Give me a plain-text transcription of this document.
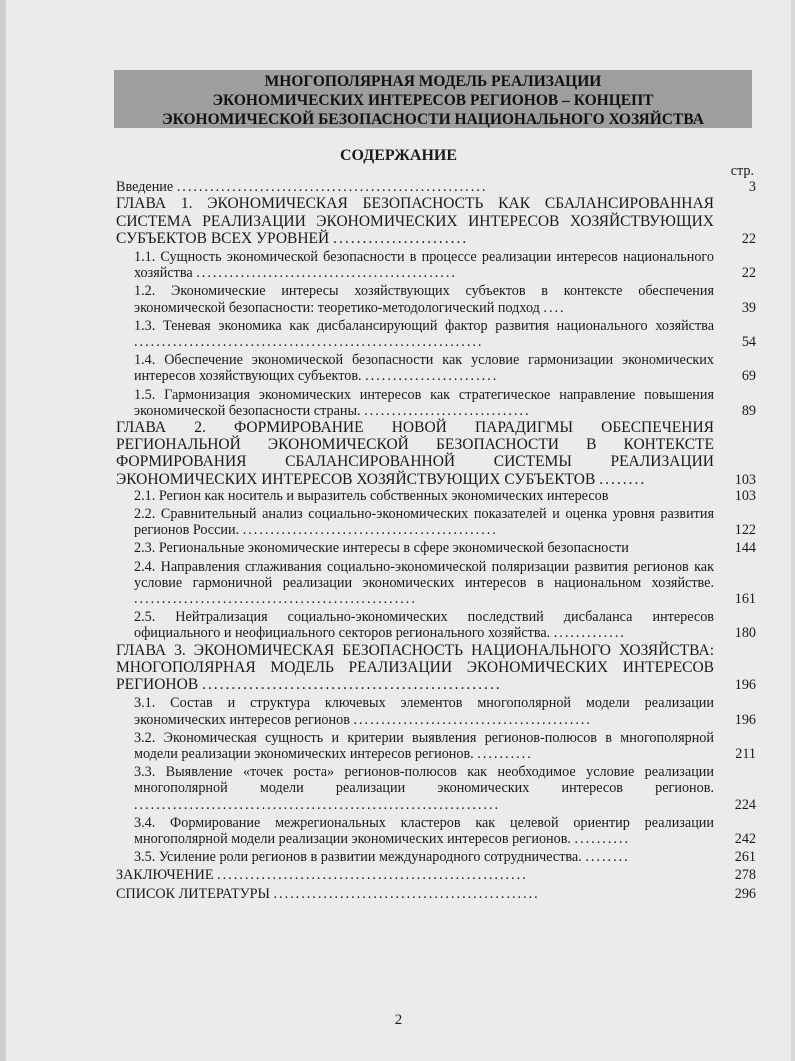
МНОГОПОЛЯРНАЯ МОДЕЛЬ РЕАЛИЗАЦИИ
ЭКОНОМИЧЕСКИХ ИНТЕРЕСОВ РЕГИОНОВ – КОНЦЕПТ
ЭКОНОМИЧЕСКОЙ БЕЗОПАСНОСТИ НАЦИОНАЛЬНОГО ХОЗЯЙСТВА
СОДЕРЖАНИЕ
стр.
Введение ........................................................	3
ГЛАВА 1. ЭКОНОМИЧЕСКАЯ БЕЗОПАСНОСТЬ КАК СБАЛАНСИРОВАННАЯ СИСТЕМА РЕАЛИЗАЦИИ ЭКОНОМИЧЕСКИХ ИНТЕРЕСОВ ХОЗЯЙСТВУЮЩИХ СУБЪЕКТОВ ВСЕХ УРОВНЕЙ .......................	22
1.1. Сущность экономической безопасности в процессе реализации интересов национального хозяйства ...............................................	22
1.2. Экономические интересы хозяйствующих субъектов в контексте обеспечения экономической безопасности: теоретико-методологический подход ....	39
1.3. Теневая экономика как дисбалансирующий фактор развития национального хозяйства ...............................................................	54
1.4. Обеспечение экономической безопасности как условие гармонизации экономических интересов хозяйствующих субъектов. ........................	69
1.5. Гармонизация экономических интересов как стратегическое направление повышения экономической безопасности страны. ..............................	89
ГЛАВА 2. ФОРМИРОВАНИЕ НОВОЙ ПАРАДИГМЫ ОБЕСПЕЧЕНИЯ РЕГИОНАЛЬНОЙ ЭКОНОМИЧЕСКОЙ БЕЗОПАСНОСТИ В КОНТЕКСТЕ ФОРМИРОВАНИЯ СБАЛАНСИРОВАННОЙ СИСТЕМЫ РЕАЛИЗАЦИИ ЭКОНОМИЧЕСКИХ ИНТЕРЕСОВ ХОЗЯЙСТВУЮЩИХ СУБЪЕКТОВ ........	103
2.1. Регион как носитель и выразитель собственных экономических интересов	103
2.2. Сравнительный анализ социально-экономических показателей и оценка уровня развития регионов России. ..............................................	122
2.3. Региональные экономические интересы в сфере экономической безопасности	144
2.4. Направления сглаживания социально-экономической поляризации развития регионов как условие гармоничной реализации экономических интересов в национальном хозяйстве. ...................................................	161
2.5. Нейтрализация социально-экономических последствий дисбаланса интересов официального и неофициального секторов регионального хозяйства. .............	180
ГЛАВА 3. ЭКОНОМИЧЕСКАЯ БЕЗОПАСНОСТЬ НАЦИОНАЛЬНОГО ХОЗЯЙСТВА: МНОГОПОЛЯРНАЯ МОДЕЛЬ РЕАЛИЗАЦИИ ЭКОНОМИЧЕСКИХ ИНТЕРЕСОВ РЕГИОНОВ ...................................................	196
3.1. Состав и структура ключевых элементов многополярной модели реализации экономических интересов регионов ...........................................	196
3.2. Экономическая сущность и критерии выявления регионов-полюсов в многополярной модели реализации экономических интересов регионов. ..........	211
3.3. Выявление «точек роста» регионов-полюсов как необходимое условие реализации многополярной модели реализации экономических интересов регионов. ..................................................................	224
3.4. Формирование межрегиональных кластеров как целевой ориентир реализации многополярной модели реализации экономических интересов регионов. ..........	242
3.5. Усиление роли регионов в развитии международного сотрудничества. ........	261
ЗАКЛЮЧЕНИЕ ........................................................	278
СПИСОК ЛИТЕРАТУРЫ ................................................	296
2
